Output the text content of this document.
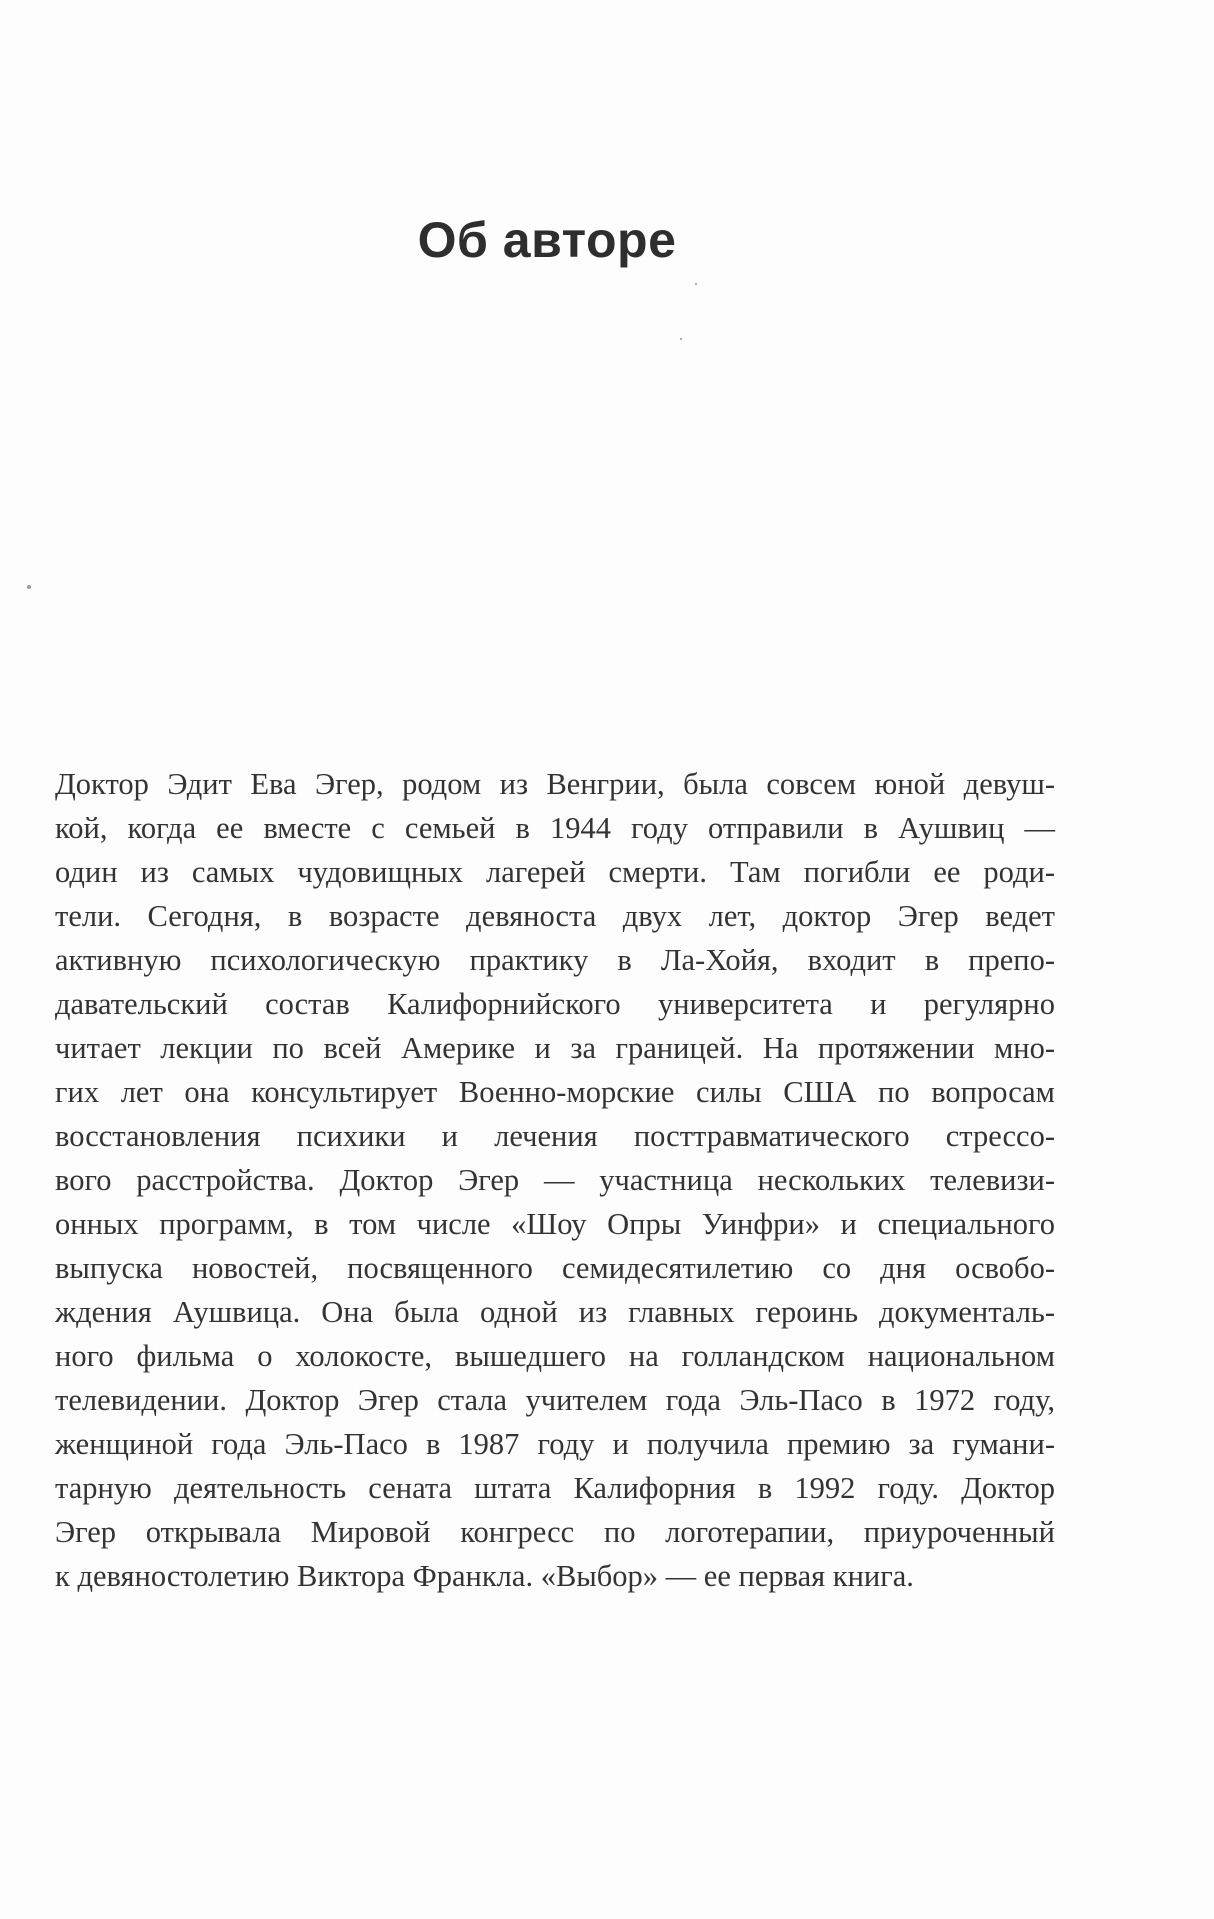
Об авторе
Доктор Эдит Ева Эгер, родом из Венгрии, была совсем юной девуш-
кой, когда ее вместе с семьей в 1944 году отправили в Аушвиц —
один из самых чудовищных лагерей смерти. Там погибли ее роди-
тели. Сегодня, в возрасте девяноста двух лет, доктор Эгер ведет
активную психологическую практику в Ла-Хойя, входит в препо-
давательский состав Калифорнийского университета и регулярно
читает лекции по всей Америке и за границей. На протяжении мно-
гих лет она консультирует Военно-морские силы США по вопросам
восстановления психики и лечения посттравматического стрессо-
вого расстройства. Доктор Эгер — участница нескольких телевизи-
онных программ, в том числе «Шоу Опры Уинфри» и специального
выпуска новостей, посвященного семидесятилетию со дня освобо-
ждения Аушвица. Она была одной из главных героинь документаль-
ного фильма о холокосте, вышедшего на голландском национальном
телевидении. Доктор Эгер стала учителем года Эль-Пасо в 1972 году,
женщиной года Эль-Пасо в 1987 году и получила премию за гумани-
тарную деятельность сената штата Калифорния в 1992 году. Доктор
Эгер открывала Мировой конгресс по логотерапии, приуроченный
к девяностолетию Виктора Франкла. «Выбор» — ее первая книга.
